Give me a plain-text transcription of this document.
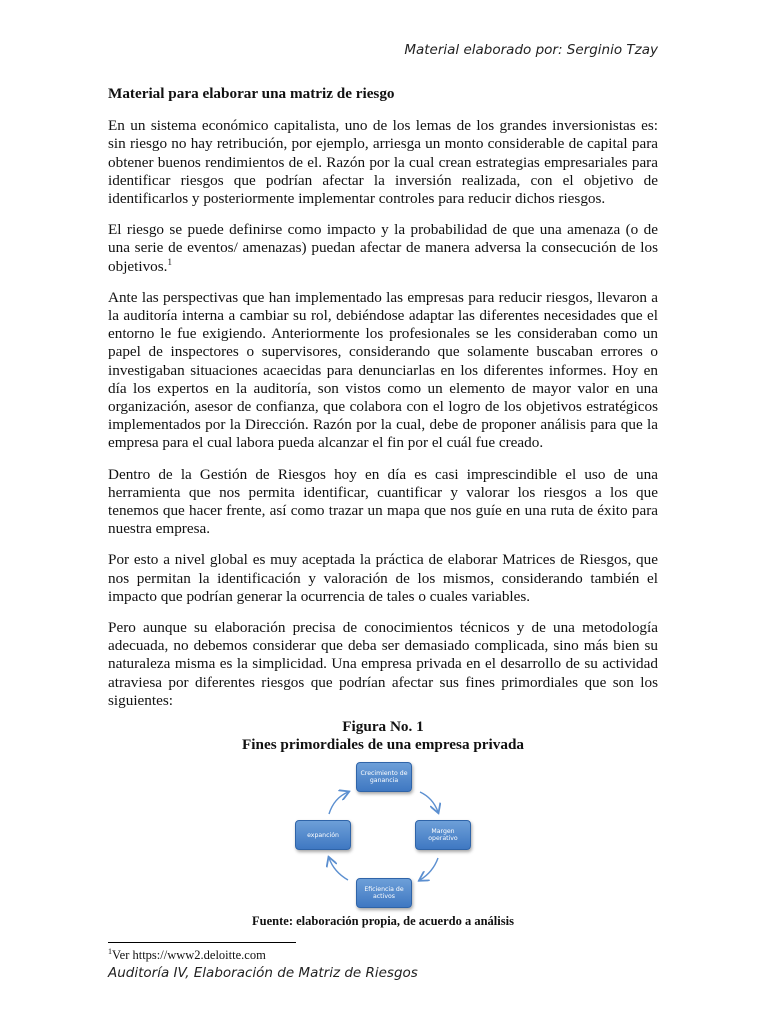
Material elaborado por: Serginio Tzay

Material para elaborar una matriz de riesgo

En un sistema económico capitalista, uno de los lemas de los grandes inversionistas es: sin riesgo no hay retribución, por ejemplo, arriesga un monto considerable de capital para obtener buenos rendimientos de el. Razón por la cual crean estrategias empresariales para identificar riesgos que podrían afectar la inversión realizada, con el objetivo de identificarlos y posteriormente implementar controles para reducir dichos riesgos.

El riesgo se puede definirse como impacto y la probabilidad de que una amenaza (o de una serie de eventos/ amenazas) puedan afectar de manera adversa la consecución de los objetivos.$^1$

Ante las perspectivas que han implementado las empresas para reducir riesgos, llevaron a la auditoría interna a cambiar su rol, debiéndose adaptar las diferentes necesidades que el entorno le fue exigiendo. Anteriormente los profesionales se les consideraban como un papel de inspectores o supervisores, considerando que solamente buscaban errores o investigaban situaciones acaecidas para denunciarlas en los diferentes informes. Hoy en día los expertos en la auditoría, son vistos como un elemento de mayor valor en una organización, asesor de confianza, que colabora con el logro de los objetivos estratégicos implementados por la Dirección. Razón por la cual, debe de proponer análisis para que la empresa para el cual labora pueda alcanzar el fin por el cuál fue creado.

Dentro de la Gestión de Riesgos hoy en día es casi imprescindible el uso de una herramienta que nos permita identificar, cuantificar y valorar los riesgos a los que tenemos que hacer frente, así como trazar un mapa que nos guíe en una ruta de éxito para nuestra empresa.

Por esto a nivel global es muy aceptada la práctica de elaborar Matrices de Riesgos, que nos permitan la identificación y valoración de los mismos, considerando también el impacto que podrían generar la ocurrencia de tales o cuales variables.

Pero aunque su elaboración precisa de conocimientos técnicos y de una metodología adecuada, no debemos considerar que deba ser demasiado complicada, sino más bien su naturaleza misma es la simplicidad. Una empresa privada en el desarrollo de su actividad atraviesa por diferentes riesgos que podrían afectar sus fines primordiales que son los siguientes:

Figura No. 1

Fines primordiales de una empresa privada

Crecimiento de ganancia
Margen operativo
Eficiencia de activos
expanción

Fuente: elaboración propia, de acuerdo a análisis

$^1$Ver https://www2.deloitte.com
Auditoría IV, Elaboración de Matriz de Riesgos
